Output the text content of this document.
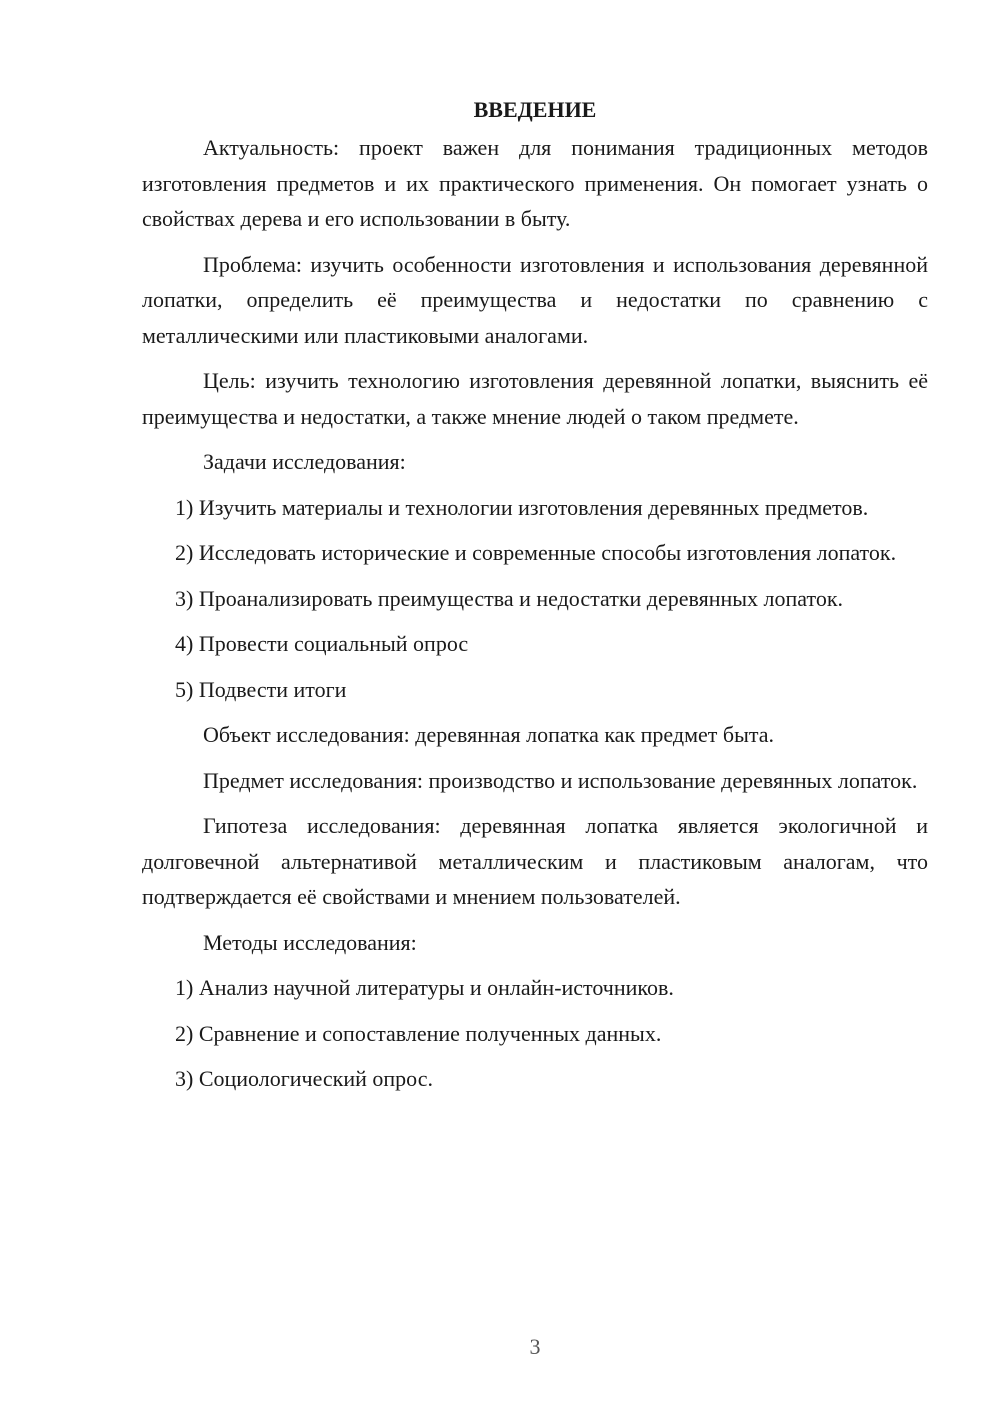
ВВЕДЕНИЕ

Актуальность: проект важен для понимания традиционных методов изготовления предметов и их практического применения. Он помогает узнать о свойствах дерева и его использовании в быту.

Проблема: изучить особенности изготовления и использования деревянной лопатки, определить её преимущества и недостатки по сравнению с металлическими или пластиковыми аналогами.

Цель: изучить технологию изготовления деревянной лопатки, выяснить её преимущества и недостатки, а также мнение людей о таком предмете.

Задачи исследования:

1) Изучить материалы и технологии изготовления деревянных предметов.

2) Исследовать исторические и современные способы изготовления лопаток.

3) Проанализировать преимущества и недостатки деревянных лопаток.

4) Провести социальный опрос

5) Подвести итоги

Объект исследования: деревянная лопатка как предмет быта.

Предмет исследования: производство и использование деревянных лопаток.

Гипотеза исследования: деревянная лопатка является экологичной и долговечной альтернативой металлическим и пластиковым аналогам, что подтверждается её свойствами и мнением пользователей.

Методы исследования:

1) Анализ научной литературы и онлайн-источников.

2) Сравнение и сопоставление полученных данных.

3) Социологический опрос.

3
